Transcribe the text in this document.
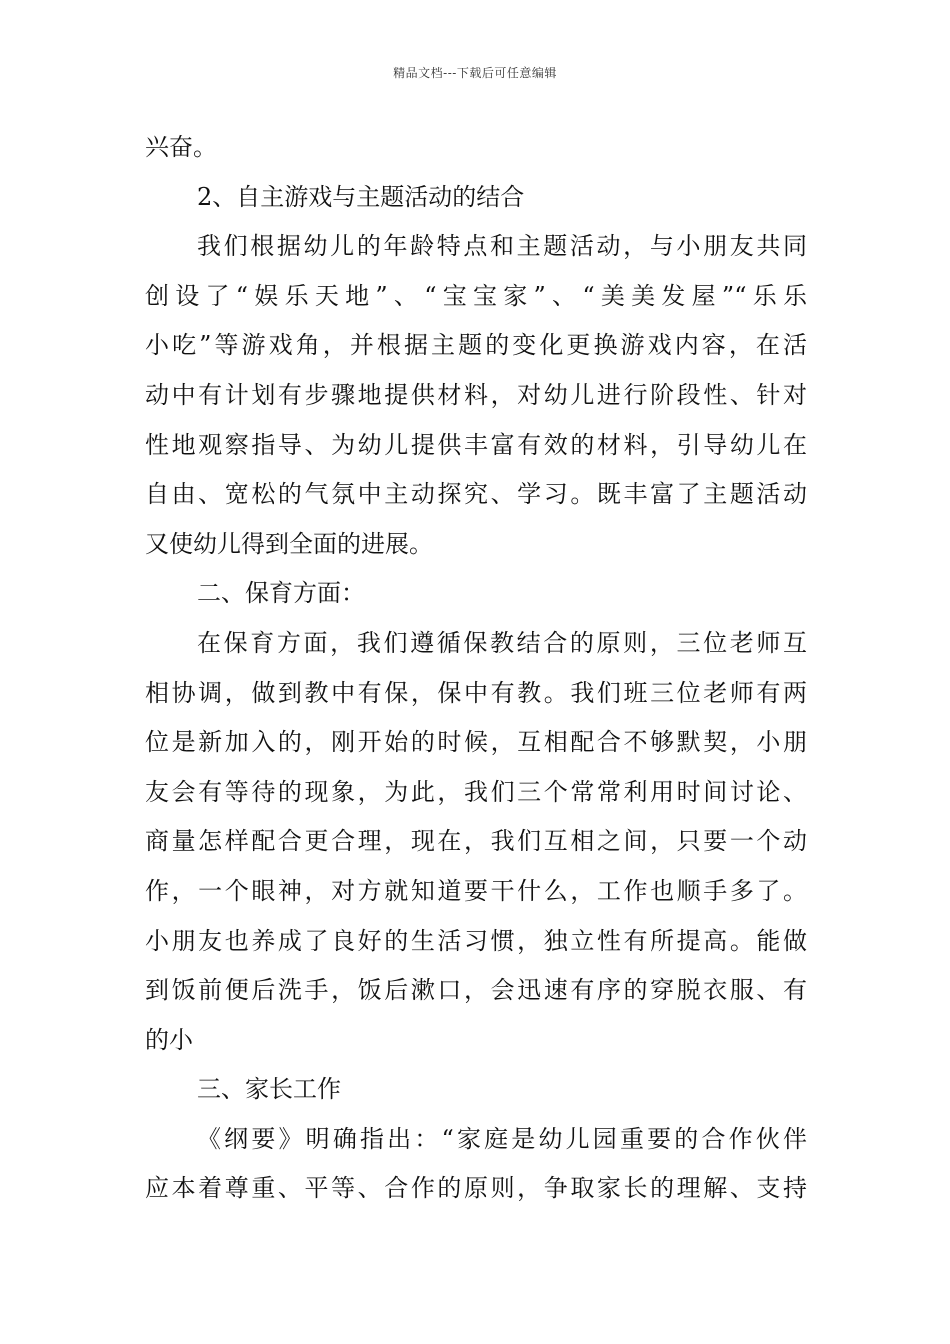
精品文档---下载后可任意编辑
兴奋。
2、自主游戏与主题活动的结合
我们根据幼儿的年龄特点和主题活动，与小朋友共同
创设了“娱乐天地”、“宝宝家”、“美美发屋”“乐乐
小吃”等游戏角，并根据主题的变化更换游戏内容，在活
动中有计划有步骤地提供材料，对幼儿进行阶段性、针对
性地观察指导、为幼儿提供丰富有效的材料，引导幼儿在
自由、宽松的气氛中主动探究、学习。既丰富了主题活动
又使幼儿得到全面的进展。
二、保育方面：
在保育方面，我们遵循保教结合的原则，三位老师互
相协调，做到教中有保，保中有教。我们班三位老师有两
位是新加入的，刚开始的时候，互相配合不够默契，小朋
友会有等待的现象，为此，我们三个常常利用时间讨论、
商量怎样配合更合理，现在，我们互相之间，只要一个动
作，一个眼神，对方就知道要干什么，工作也顺手多了。
小朋友也养成了良好的生活习惯，独立性有所提高。能做
到饭前便后洗手，饭后漱口，会迅速有序的穿脱衣服、有
的小
三、家长工作
《纲要》明确指出：“家庭是幼儿园重要的合作伙伴
应本着尊重、平等、合作的原则，争取家长的理解、支持
